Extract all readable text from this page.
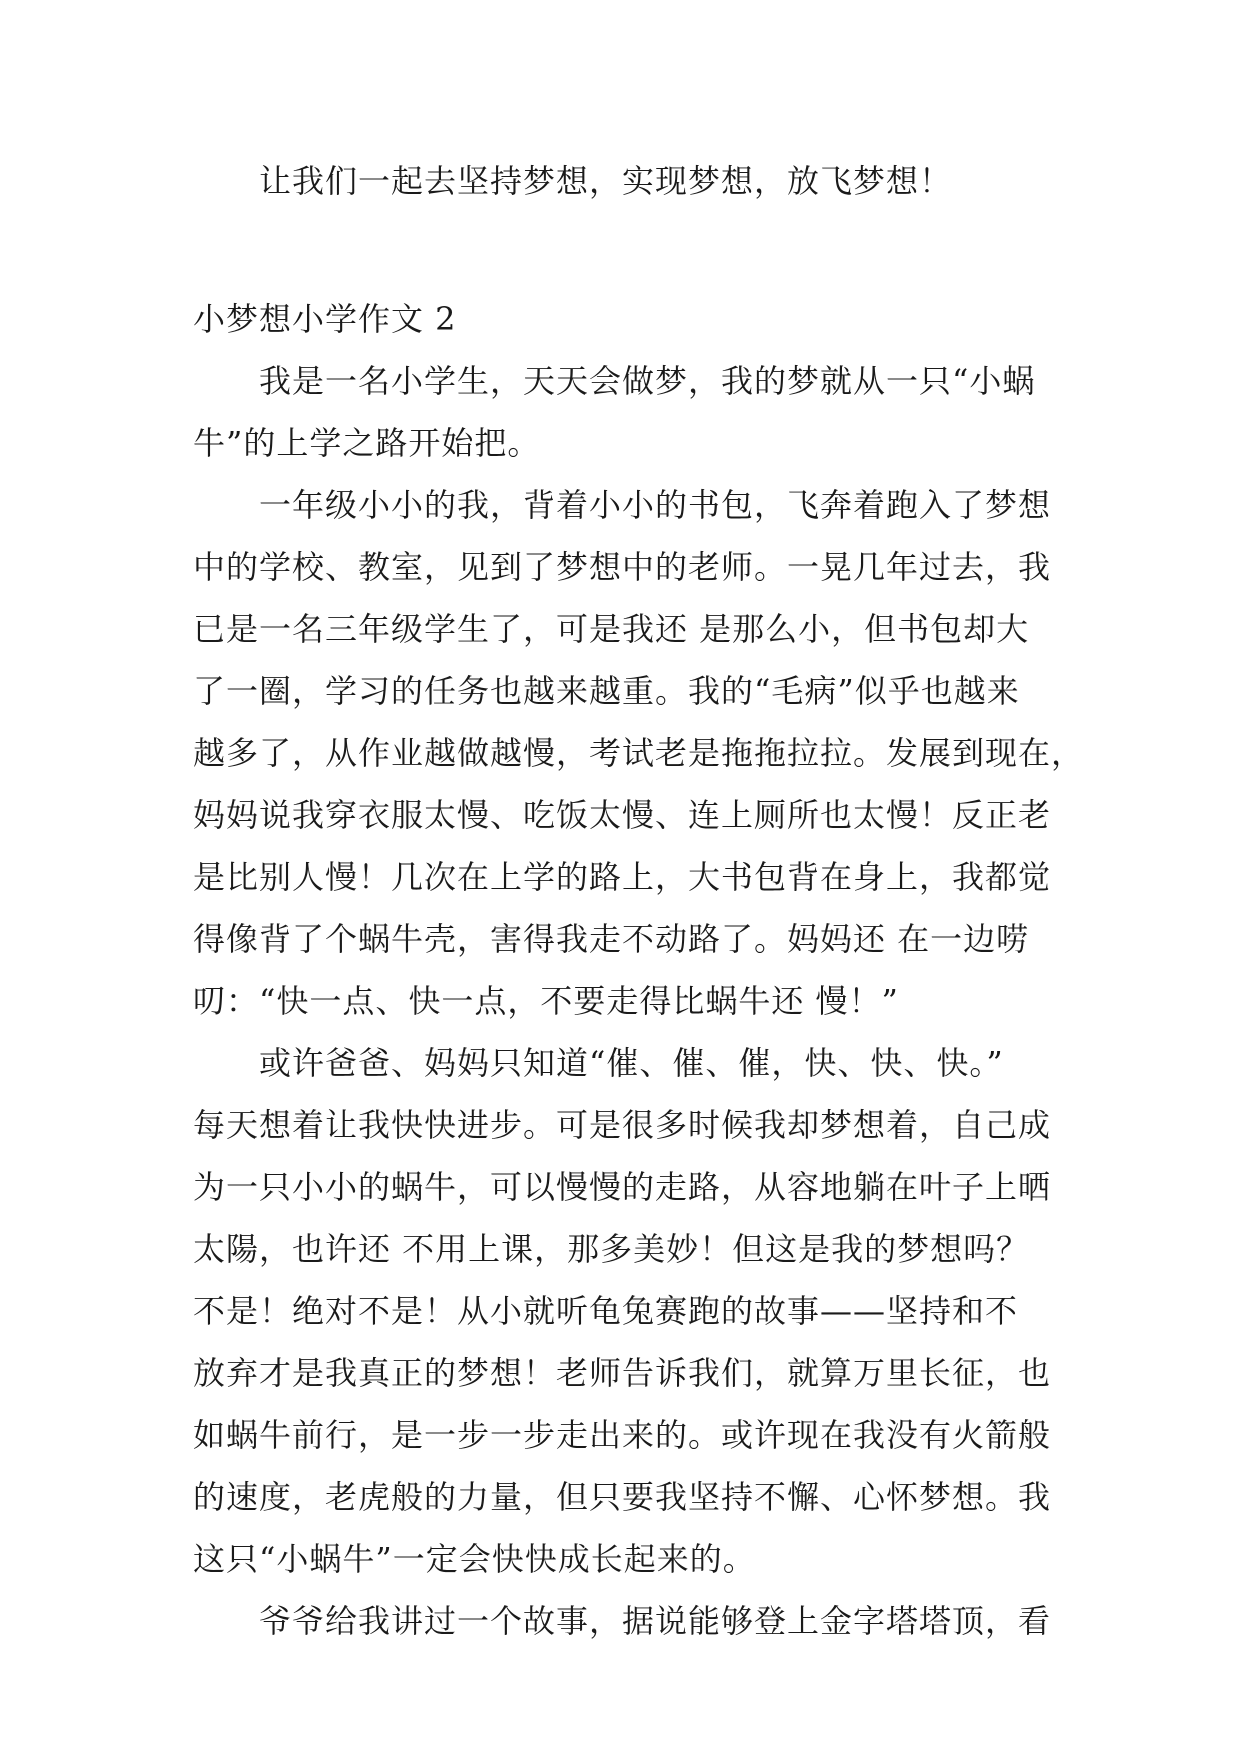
让我们一起去坚持梦想，实现梦想，放飞梦想！
小梦想小学作文 2
我是一名小学生，天天会做梦，我的梦就从一只“小蜗
牛”的上学之路开始把。
一年级小小的我，背着小小的书包，飞奔着跑入了梦想
中的学校、教室，见到了梦想中的老师。一晃几年过去，我
已是一名三年级学生了，可是我还 是那么小，但书包却大
了一圈，学习的任务也越来越重。我的“毛病”似乎也越来
越多了，从作业越做越慢，考试老是拖拖拉拉。发展到现在，
妈妈说我穿衣服太慢、吃饭太慢、连上厕所也太慢！反正老
是比别人慢！几次在上学的路上，大书包背在身上，我都觉
得像背了个蜗牛壳，害得我走不动路了。妈妈还 在一边唠
叨：“快一点、快一点，不要走得比蜗牛还 慢！”
或许爸爸、妈妈只知道“催、催、催，快、快、快。”
每天想着让我快快进步。可是很多时候我却梦想着，自己成
为一只小小的蜗牛，可以慢慢的走路，从容地躺在叶子上晒
太陽，也许还 不用上课，那多美妙！但这是我的梦想吗？
不是！绝对不是！从小就听龟兔赛跑的故事——坚持和不
放弃才是我真正的梦想！老师告诉我们，就算万里长征，也
如蜗牛前行，是一步一步走出来的。或许现在我没有火箭般
的速度，老虎般的力量，但只要我坚持不懈、心怀梦想。我
这只“小蜗牛”一定会快快成长起来的。
爷爷给我讲过一个故事，据说能够登上金字塔塔顶，看
